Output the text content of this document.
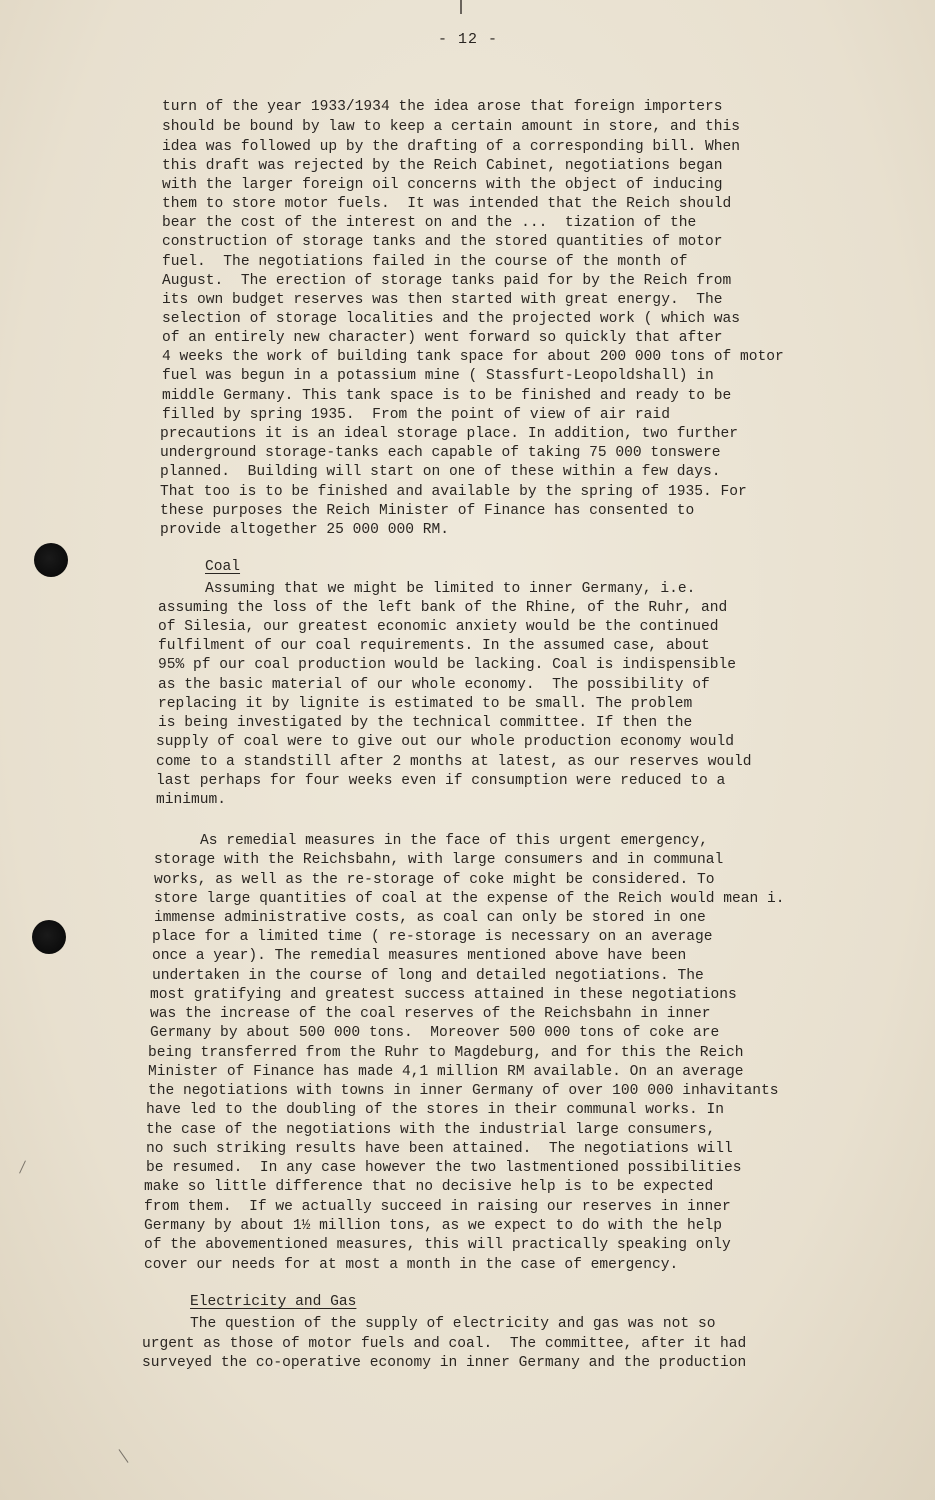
- 12 -
turn of the year 1933/1934 the idea arose that foreign importers
should be bound by law to keep a certain amount in store, and this
idea was followed up by the drafting of a corresponding bill. When
this draft was rejected by the Reich Cabinet, negotiations began
with the larger foreign oil concerns with the object of inducing
them to store motor fuels.  It was intended that the Reich should
bear the cost of the interest on and the ...  tization of the
construction of storage tanks and the stored quantities of motor
fuel.  The negotiations failed in the course of the month of
August.  The erection of storage tanks paid for by the Reich from
its own budget reserves was then started with great energy.  The
selection of storage localities and the projected work ( which was
of an entirely new character) went forward so quickly that after
4 weeks the work of building tank space for about 200 000 tons of motor
fuel was begun in a potassium mine ( Stassfurt-Leopoldshall) in
middle Germany. This tank space is to be finished and ready to be
filled by spring 1935.  From the point of view of air raid
precautions it is an ideal storage place. In addition, two further
underground storage-tanks each capable of taking 75 000 tonswere
planned.  Building will start on one of these within a few days.
That too is to be finished and available by the spring of 1935. For
these purposes the Reich Minister of Finance has consented to
provide altogether 25 000 000 RM.
Coal
Assuming that we might be limited to inner Germany, i.e.
assuming the loss of the left bank of the Rhine, of the Ruhr, and
of Silesia, our greatest economic anxiety would be the continued
fulfilment of our coal requirements. In the assumed case, about
95% pf our coal production would be lacking. Coal is indispensible
as the basic material of our whole economy.  The possibility of
replacing it by lignite is estimated to be small. The problem
is being investigated by the technical committee. If then the
supply of coal were to give out our whole production economy would
come to a standstill after 2 months at latest, as our reserves would
last perhaps for four weeks even if consumption were reduced to a
minimum.
As remedial measures in the face of this urgent emergency,
storage with the Reichsbahn, with large consumers and in communal
works, as well as the re-storage of coke might be considered. To
store large quantities of coal at the expense of the Reich would mean i.
immense administrative costs, as coal can only be stored in one
place for a limited time ( re-storage is necessary on an average
once a year). The remedial measures mentioned above have been
undertaken in the course of long and detailed negotiations. The
most gratifying and greatest success attained in these negotiations
was the increase of the coal reserves of the Reichsbahn in inner
Germany by about 500 000 tons.  Moreover 500 000 tons of coke are
being transferred from the Ruhr to Magdeburg, and for this the Reich
Minister of Finance has made 4,1 million RM available. On an average
the negotiations with towns in inner Germany of over 100 000 inhavitants
have led to the doubling of the stores in their communal works. In
the case of the negotiations with the industrial large consumers,
no such striking results have been attained.  The negotiations will
be resumed.  In any case however the two lastmentioned possibilities
make so little difference that no decisive help is to be expected
from them.  If we actually succeed in raising our reserves in inner
Germany by about 1½ million tons, as we expect to do with the help
of the abovementioned measures, this will practically speaking only
cover our needs for at most a month in the case of emergency.
Electricity and Gas
The question of the supply of electricity and gas was not so
urgent as those of motor fuels and coal.  The committee, after it had
surveyed the co-operative economy in inner Germany and the production
